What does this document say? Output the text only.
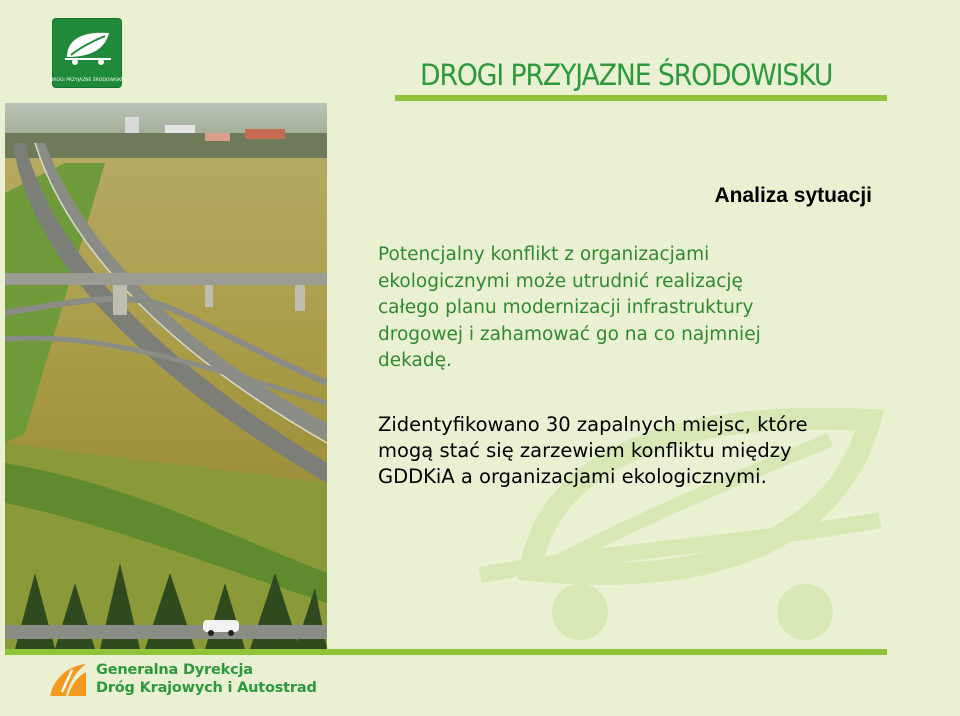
DROGI PRZYJAZNE ŚRODOWISKU	DROGI PRZYJAZNE ŚRODOWISKU
Analiza sytuacji
Potencjalny konflikt z organizacjami
ekologicznymi może utrudnić realizację
całego planu modernizacji infrastruktury
drogowej i zahamować go na co najmniej
dekadę.
Zidentyfikowano 30 zapalnych miejsc, które
mogą stać się zarzewiem konfliktu między
GDDKiA a organizacjami ekologicznymi.
Generalna Dyrekcja
Dróg Krajowych i Autostrad
